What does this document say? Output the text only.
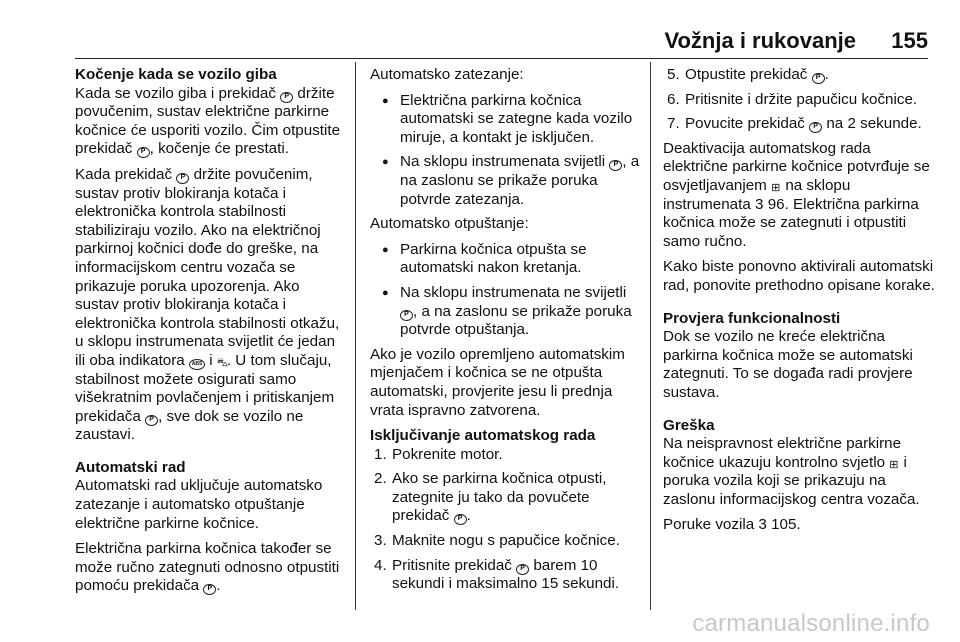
Vožnja i rukovanje 155
Kočenje kada se vozilo giba

Kada se vozilo giba i prekidač P držite povučenim, sustav električne parkirne kočnice će usporiti vozilo. Čim otpustite prekidač P , kočenje će prestati.

Kada prekidač P držite povučenim, sustav protiv blokiranja kotača i elektronička kontrola stabilnosti stabiliziraju vozilo. Ako na električnoj parkirnoj kočnici dođe do greške, na informacijskom centru vozača se prikazuje poruka upozorenja. Ako sustav protiv blokiranja kotača i elektronička kontrola stabilnosti otkažu, u sklopu instrumenata svijetlit će jedan ili oba indikatora ABS i ⛍. U tom slučaju, stabilnost možete osigurati samo višekratnim povlačenjem i pritiskanjem prekidača P , sve dok se vozilo ne zaustavi.

Automatski rad

Automatski rad uključuje automatsko zatezanje i automatsko otpuštanje električne parkirne kočnice.

Električna parkirna kočnica također se može ručno zategnuti odnosno otpustiti pomoću prekidača P .

Automatsko zatezanje:

● Električna parkirna kočnica automatski se zategne kada vozilo miruje, a kontakt je isključen.
● Na sklopu instrumenata svijetli P , a na zaslonu se prikaže poruka potvrde zatezanja.

Automatsko otpuštanje:

● Parkirna kočnica otpušta se automatski nakon kretanja.
● Na sklopu instrumenata ne svijetli P , a na zaslonu se prikaže poruka potvrde otpuštanja.

Ako je vozilo opremljeno automatskim mjenjačem i kočnica se ne otpušta automatski, provjerite jesu li prednja vrata ispravno zatvorena.

Isključivanje automatskog rada
1. Pokrenite motor.
2. Ako se parkirna kočnica otpusti, zategnite ju tako da povučete prekidač P .
3. Maknite nogu s papučice kočnice.
4. Pritisnite prekidač P barem 10 sekundi i maksimalno 15 sekundi.
5. Otpustite prekidač P .
6. Pritisnite i držite papučicu kočnice.
7. Povucite prekidač P na 2 sekunde.

Deaktivacija automatskog rada električne parkirne kočnice potvrđuje se osvjetljavanjem ⊞ na sklopu instrumenata 3 96. Električna parkirna kočnica može se zategnuti i otpustiti samo ručno.

Kako biste ponovno aktivirali automatski rad, ponovite prethodno opisane korake.

Provjera funkcionalnosti

Dok se vozilo ne kreće električna parkirna kočnica može se automatski zategnuti. To se događa radi provjere sustava.

Greška

Na neispravnost električne parkirne kočnice ukazuju kontrolno svjetlo ⊞ i poruka vozila koji se prikazuju na zaslonu informacijskog centra vozača.

Poruke vozila 3 105.

carmanualsonline.info
